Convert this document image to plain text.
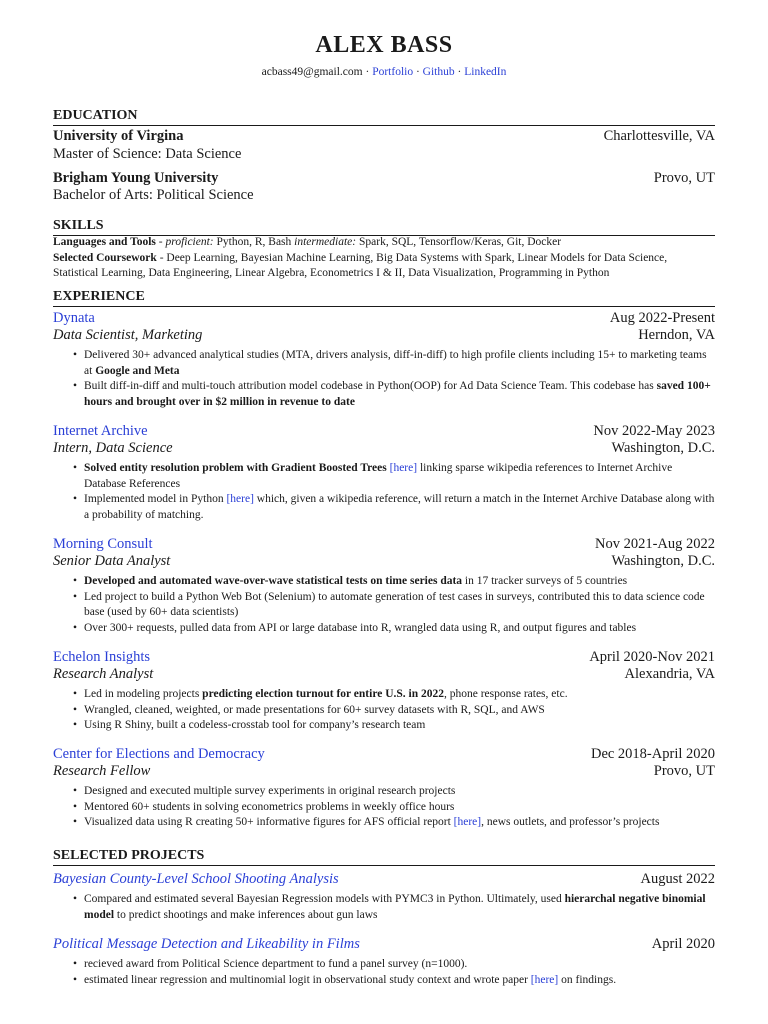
ALEX BASS
acbass49@gmail.com · Portfolio · Github · LinkedIn
EDUCATION
University of Virgina	Charlottesville, VA
Master of Science: Data Science
Brigham Young University	Provo, UT
Bachelor of Arts: Political Science
SKILLS
Languages and Tools - proficient: Python, R, Bash intermediate: Spark, SQL, Tensorflow/Keras, Git, Docker
Selected Coursework - Deep Learning, Bayesian Machine Learning, Big Data Systems with Spark, Linear Models for Data Science, Statistical Learning, Data Engineering, Linear Algebra, Econometrics I & II, Data Visualization, Programming in Python
EXPERIENCE
Dynata	Aug 2022-Present
Data Scientist, Marketing	Herndon, VA
• Delivered 30+ advanced analytical studies (MTA, drivers analysis, diff-in-diff) to high profile clients including 15+ to marketing teams at Google and Meta
• Built diff-in-diff and multi-touch attribution model codebase in Python(OOP) for Ad Data Science Team. This codebase has saved 100+ hours and brought over in $2 million in revenue to date
Internet Archive	Nov 2022-May 2023
Intern, Data Science	Washington, D.C.
• Solved entity resolution problem with Gradient Boosted Trees [here] linking sparse wikipedia references to Internet Archive Database References
• Implemented model in Python [here] which, given a wikipedia reference, will return a match in the Internet Archive Database along with a probability of matching.
Morning Consult	Nov 2021-Aug 2022
Senior Data Analyst	Washington, D.C.
• Developed and automated wave-over-wave statistical tests on time series data in 17 tracker surveys of 5 countries
• Led project to build a Python Web Bot (Selenium) to automate generation of test cases in surveys, contributed this to data science code base (used by 60+ data scientists)
• Over 300+ requests, pulled data from API or large database into R, wrangled data using R, and output figures and tables
Echelon Insights	April 2020-Nov 2021
Research Analyst	Alexandria, VA
• Led in modeling projects predicting election turnout for entire U.S. in 2022, phone response rates, etc.
• Wrangled, cleaned, weighted, or made presentations for 60+ survey datasets with R, SQL, and AWS
• Using R Shiny, built a codeless-crosstab tool for company’s research team
Center for Elections and Democracy	Dec 2018-April 2020
Research Fellow	Provo, UT
• Designed and executed multiple survey experiments in original research projects
• Mentored 60+ students in solving econometrics problems in weekly office hours
• Visualized data using R creating 50+ informative figures for AFS official report [here], news outlets, and professor’s projects
SELECTED PROJECTS
Bayesian County-Level School Shooting Analysis	August 2022
• Compared and estimated several Bayesian Regression models with PYMC3 in Python. Ultimately, used hierarchal negative binomial model to predict shootings and make inferences about gun laws
Political Message Detection and Likeability in Films	April 2020
• recieved award from Political Science department to fund a panel survey (n=1000).
• estimated linear regression and multinomial logit in observational study context and wrote paper [here] on findings.
